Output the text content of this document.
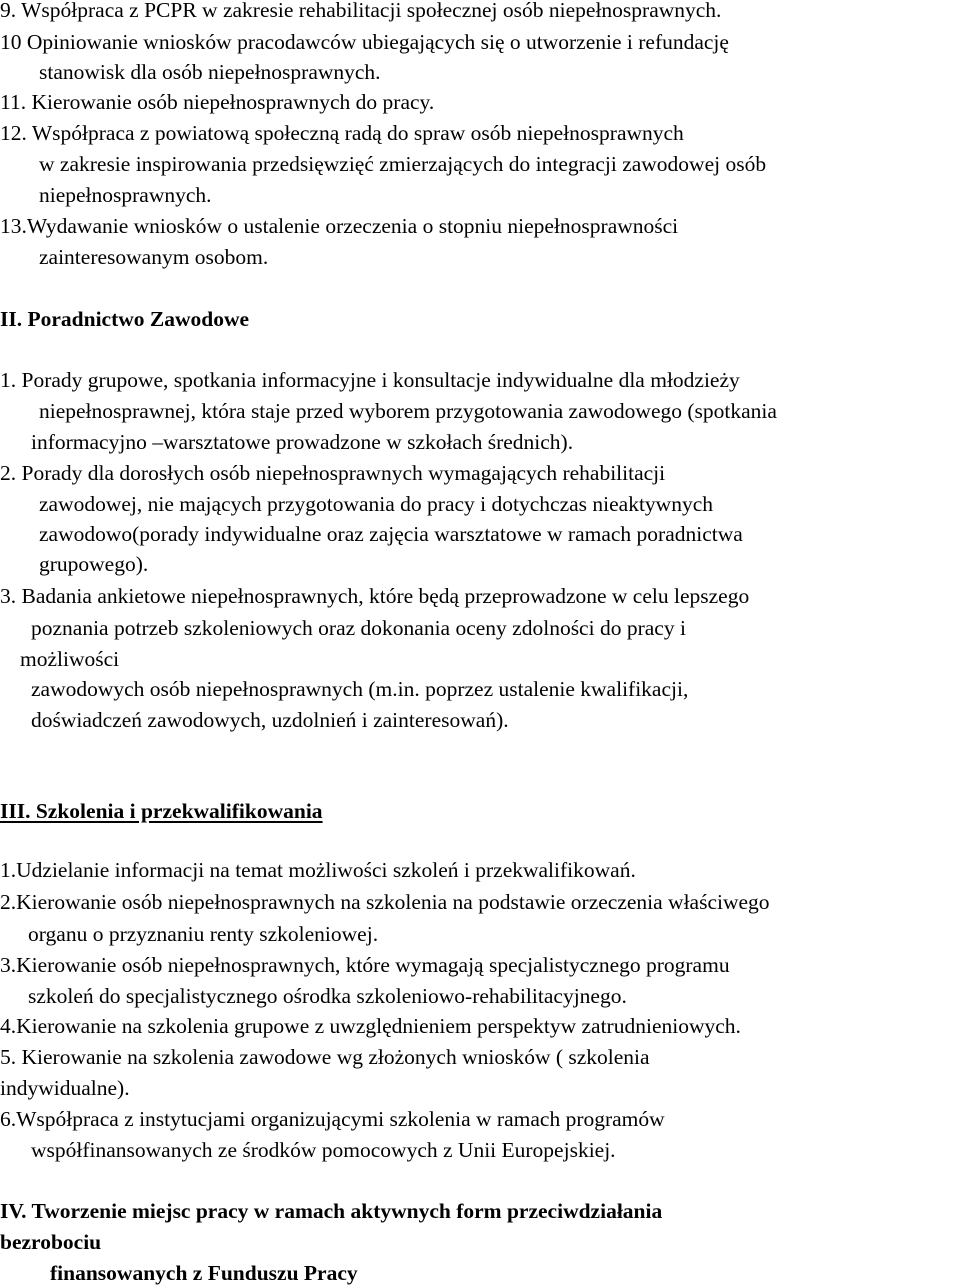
9. Współpraca z PCPR w zakresie rehabilitacji społecznej osób niepełnosprawnych.
10 Opiniowanie wniosków pracodawców ubiegających się o utworzenie i refundację
stanowisk dla osób niepełnosprawnych.
11. Kierowanie osób niepełnosprawnych do pracy.
12. Współpraca z powiatową społeczną radą do spraw osób niepełnosprawnych
w zakresie inspirowania przedsięwzięć zmierzających do integracji zawodowej osób
niepełnosprawnych.
13.Wydawanie wniosków o ustalenie orzeczenia o stopniu niepełnosprawności
zainteresowanym osobom.
II. Poradnictwo Zawodowe
1. Porady grupowe, spotkania informacyjne i konsultacje indywidualne dla młodzieży
niepełnosprawnej, która staje przed wyborem przygotowania zawodowego (spotkania
informacyjno –warsztatowe prowadzone w szkołach średnich).
2. Porady dla dorosłych osób niepełnosprawnych wymagających rehabilitacji
zawodowej, nie mających przygotowania do pracy i dotychczas nieaktywnych
zawodowo(porady indywidualne oraz zajęcia warsztatowe w ramach poradnictwa
grupowego).
3. Badania ankietowe niepełnosprawnych, które będą przeprowadzone w celu lepszego
poznania potrzeb szkoleniowych oraz dokonania oceny zdolności do pracy i
możliwości
zawodowych osób niepełnosprawnych (m.in. poprzez ustalenie kwalifikacji,
doświadczeń zawodowych, uzdolnień i zainteresowań).
III. Szkolenia i przekwalifikowania
1.Udzielanie informacji na temat możliwości szkoleń i przekwalifikowań.
2.Kierowanie osób niepełnosprawnych na szkolenia na podstawie orzeczenia właściwego
organu o przyznaniu renty szkoleniowej.
3.Kierowanie osób niepełnosprawnych, które wymagają specjalistycznego programu
szkoleń do specjalistycznego ośrodka szkoleniowo-rehabilitacyjnego.
4.Kierowanie na szkolenia grupowe z uwzględnieniem perspektyw zatrudnieniowych.
5. Kierowanie na szkolenia zawodowe wg złożonych wniosków ( szkolenia
indywidualne).
6.Współpraca z instytucjami organizującymi szkolenia w ramach programów
współfinansowanych ze środków pomocowych z Unii Europejskiej.
IV. Tworzenie miejsc pracy w ramach aktywnych form przeciwdziałania
bezrobociu
finansowanych z Funduszu Pracy
